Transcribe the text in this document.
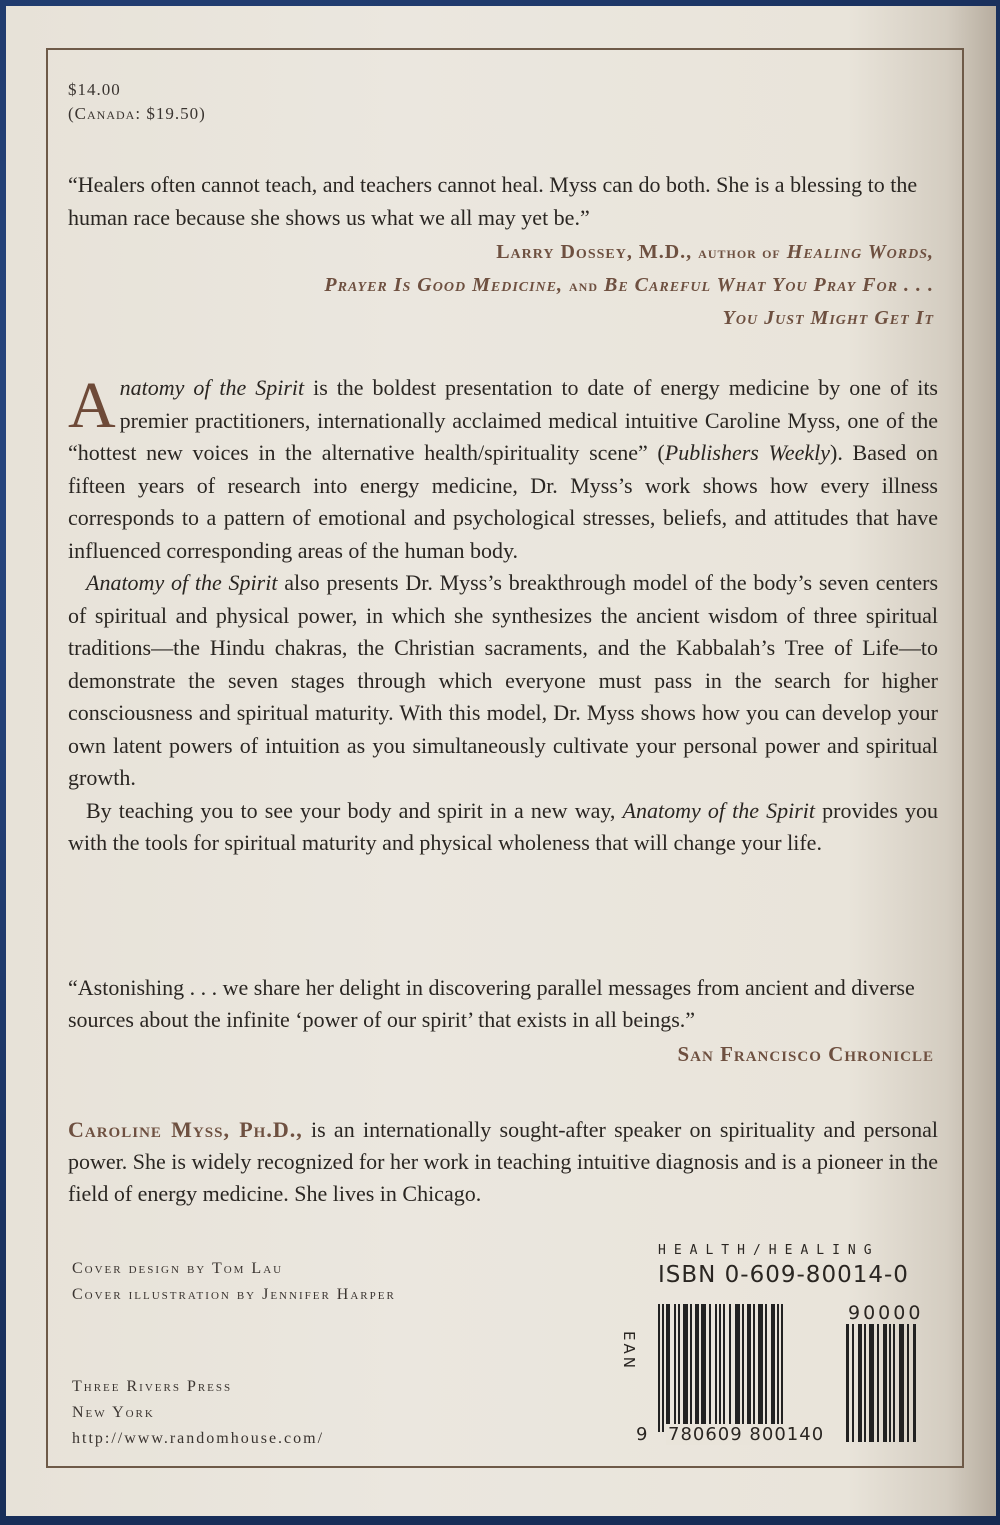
$14.00
(Canada: $19.50)
“Healers often cannot teach, and teachers cannot heal. Myss can do both. She is a blessing to the human race because she shows us what we all may yet be.”
Larry Dossey, M.D., author of Healing Words,
Prayer Is Good Medicine, and Be Careful What You Pray For . . .
You Just Might Get It

Anatomy of the Spirit is the boldest presentation to date of energy medicine by one of its premier practitioners, internationally acclaimed medical intuitive Caroline Myss, one of the “hottest new voices in the alternative health/spirituality scene” (Publishers Weekly). Based on fifteen years of research into energy medicine, Dr. Myss’s work shows how every illness corresponds to a pattern of emotional and psychological stresses, beliefs, and attitudes that have influenced corresponding areas of the human body.

Anatomy of the Spirit also presents Dr. Myss’s breakthrough model of the body’s seven centers of spiritual and physical power, in which she synthesizes the ancient wisdom of three spiritual traditions—the Hindu chakras, the Christian sacraments, and the Kabbalah’s Tree of Life—to demonstrate the seven stages through which everyone must pass in the search for higher consciousness and spiritual maturity. With this model, Dr. Myss shows how you can develop your own latent powers of intuition as you simultaneously cultivate your personal power and spiritual growth.

By teaching you to see your body and spirit in a new way, Anatomy of the Spirit provides you with the tools for spiritual maturity and physical wholeness that will change your life.

“Astonishing . . . we share her delight in discovering parallel messages from ancient and diverse sources about the infinite ‘power of our spirit’ that exists in all beings.”
San Francisco Chronicle
Caroline Myss, Ph.D., is an internationally sought-after speaker on spirituality and personal power. She is widely recognized for her work in teaching intuitive diagnosis and is a pioneer in the field of energy medicine. She lives in Chicago.
Cover design by Tom Lau
Cover illustration by Jennifer Harper
Three Rivers Press
New York
http://www.randomhouse.com/
HEALTH/HEALING
ISBN 0-609-80014-0
EAN
9 780609 800140
90000
